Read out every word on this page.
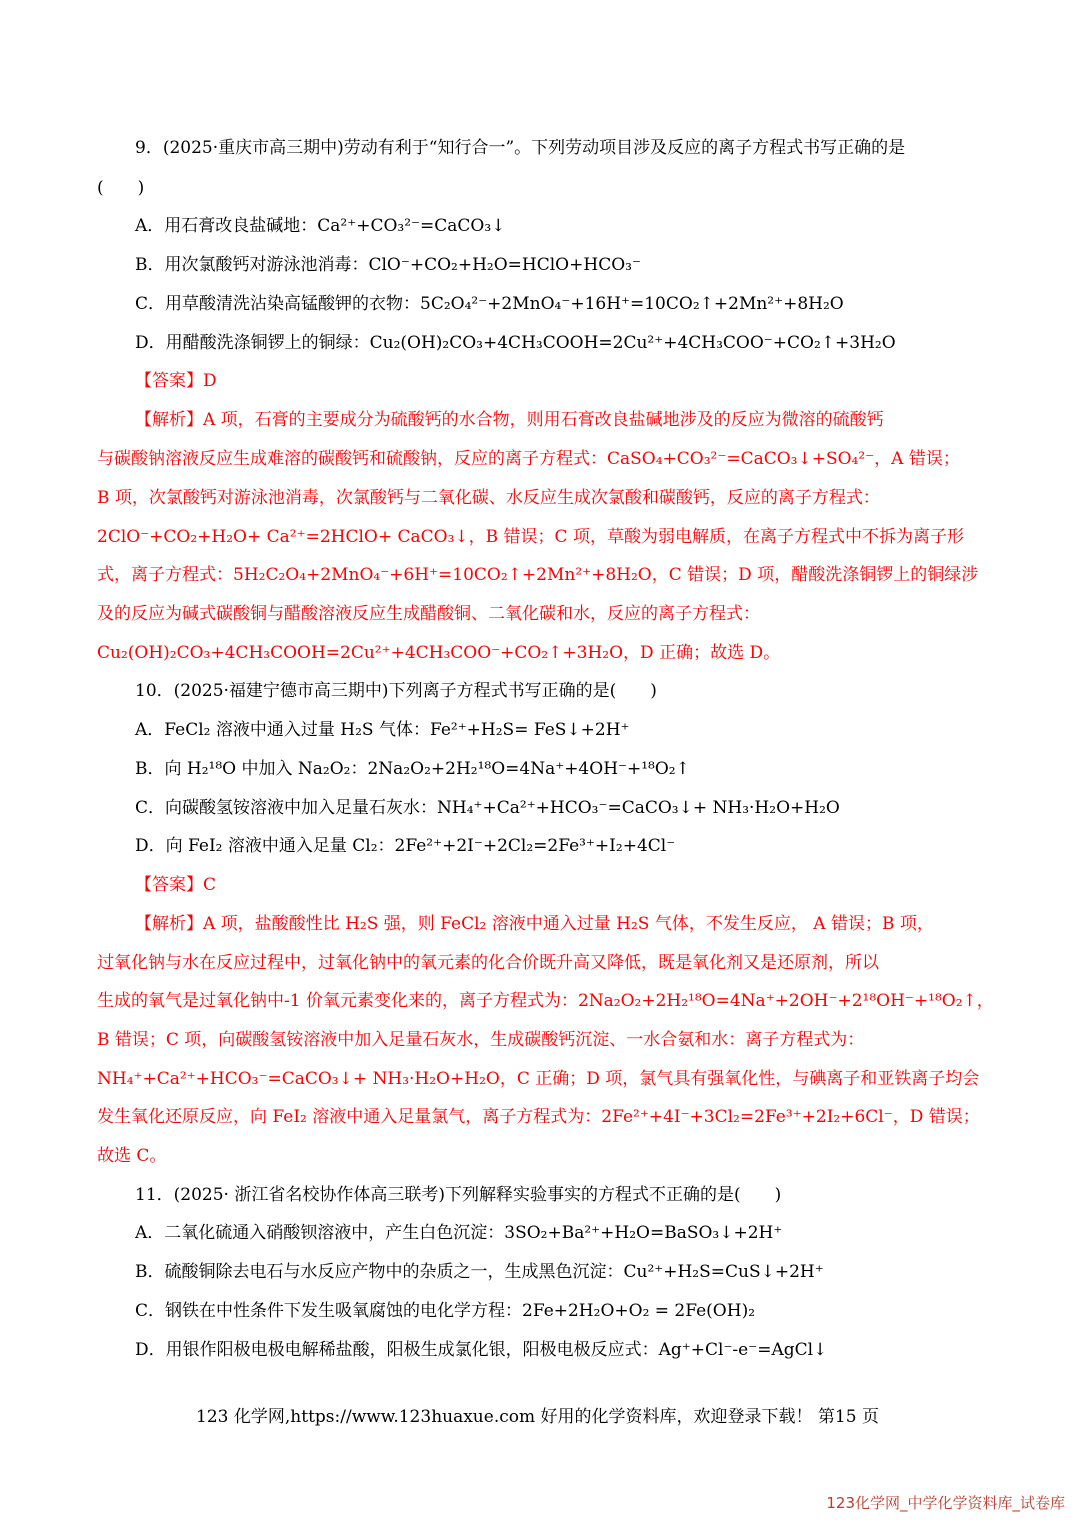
9．(2025·重庆市高三期中)劳动有利于“知行合一”。下列劳动项目涉及反应的离子方程式书写正确的是
(　　)
A．用石膏改良盐碱地：Ca²⁺+CO₃²⁻=CaCO₃↓
B．用次氯酸钙对游泳池消毒：ClO⁻+CO₂+H₂O=HClO+HCO₃⁻
C．用草酸清洗沾染高锰酸钾的衣物：5C₂O₄²⁻+2MnO₄⁻+16H⁺=10CO₂↑+2Mn²⁺+8H₂O
D．用醋酸洗涤铜锣上的铜绿：Cu₂(OH)₂CO₃+4CH₃COOH=2Cu²⁺+4CH₃COO⁻+CO₂↑+3H₂O
【答案】D
【解析】A 项，石膏的主要成分为硫酸钙的水合物，则用石膏改良盐碱地涉及的反应为微溶的硫酸钙
与碳酸钠溶液反应生成难溶的碳酸钙和硫酸钠，反应的离子方程式：CaSO₄+CO₃²⁻=CaCO₃↓+SO₄²⁻，A 错误；
B 项，次氯酸钙对游泳池消毒，次氯酸钙与二氧化碳、水反应生成次氯酸和碳酸钙，反应的离子方程式：
2ClO⁻+CO₂+H₂O+ Ca²⁺=2HClO+ CaCO₃↓，B 错误；C 项，草酸为弱电解质，在离子方程式中不拆为离子形
式，离子方程式：5H₂C₂O₄+2MnO₄⁻+6H⁺=10CO₂↑+2Mn²⁺+8H₂O，C 错误；D 项，醋酸洗涤铜锣上的铜绿涉
及的反应为碱式碳酸铜与醋酸溶液反应生成醋酸铜、二氧化碳和水，反应的离子方程式：
Cu₂(OH)₂CO₃+4CH₃COOH=2Cu²⁺+4CH₃COO⁻+CO₂↑+3H₂O，D 正确；故选 D。
10．(2025·福建宁德市高三期中)下列离子方程式书写正确的是(　　)
A．FeCl₂ 溶液中通入过量 H₂S 气体：Fe²⁺+H₂S= FeS↓+2H⁺
B．向 H₂¹⁸O 中加入 Na₂O₂：2Na₂O₂+2H₂¹⁸O=4Na⁺+4OH⁻+¹⁸O₂↑
C．向碳酸氢铵溶液中加入足量石灰水：NH₄⁺+Ca²⁺+HCO₃⁻=CaCO₃↓+ NH₃·H₂O+H₂O
D．向 FeI₂ 溶液中通入足量 Cl₂：2Fe²⁺+2I⁻+2Cl₂=2Fe³⁺+I₂+4Cl⁻
【答案】C
【解析】A 项，盐酸酸性比 H₂S 强，则 FeCl₂ 溶液中通入过量 H₂S 气体，不发生反应， A 错误；B 项，
过氧化钠与水在反应过程中，过氧化钠中的氧元素的化合价既升高又降低，既是氧化剂又是还原剂，所以
生成的氧气是过氧化钠中-1 价氧元素变化来的，离子方程式为：2Na₂O₂+2H₂¹⁸O=4Na⁺+2OH⁻+2¹⁸OH⁻+¹⁸O₂↑，
B 错误；C 项，向碳酸氢铵溶液中加入足量石灰水，生成碳酸钙沉淀、一水合氨和水：离子方程式为：
NH₄⁺+Ca²⁺+HCO₃⁻=CaCO₃↓+ NH₃·H₂O+H₂O，C 正确；D 项，氯气具有强氧化性，与碘离子和亚铁离子均会
发生氧化还原反应，向 FeI₂ 溶液中通入足量氯气，离子方程式为：2Fe²⁺+4I⁻+3Cl₂=2Fe³⁺+2I₂+6Cl⁻，D 错误；
故选 C。
11．(2025· 浙江省名校协作体高三联考)下列解释实验事实的方程式不正确的是(　　)
A．二氧化硫通入硝酸钡溶液中，产生白色沉淀：3SO₂+Ba²⁺+H₂O=BaSO₃↓+2H⁺
B．硫酸铜除去电石与水反应产物中的杂质之一，生成黑色沉淀：Cu²⁺+H₂S=CuS↓+2H⁺
C．钢铁在中性条件下发生吸氧腐蚀的电化学方程：2Fe+2H₂O+O₂ = 2Fe(OH)₂
D．用银作阳极电极电解稀盐酸，阳极生成氯化银，阳极电极反应式：Ag⁺+Cl⁻-e⁻=AgCl↓
123 化学网,https://www.123huaxue.com 好用的化学资料库，欢迎登录下载！ 第15 页
123化学网_中学化学资料库_试卷库
